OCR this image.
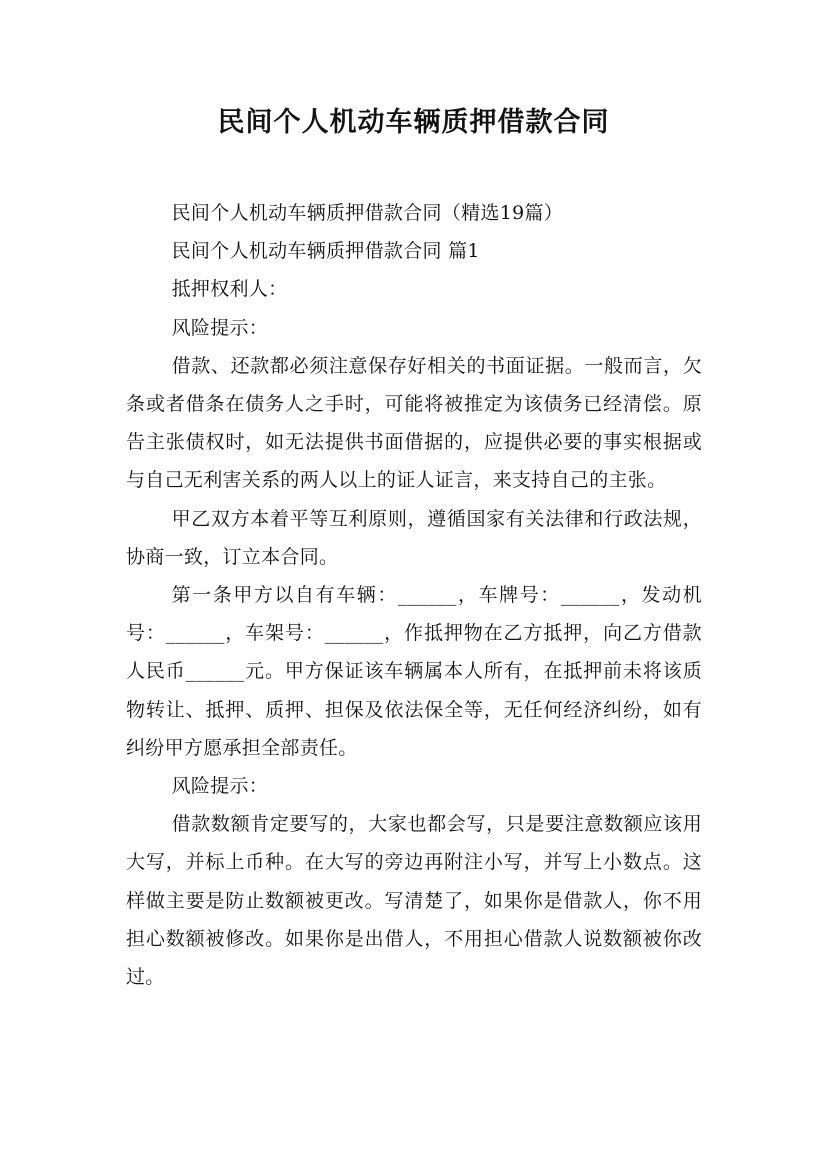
民间个人机动车辆质押借款合同

民间个人机动车辆质押借款合同（精选19篇）

民间个人机动车辆质押借款合同 篇1

抵押权利人：

风险提示：

借款、还款都必须注意保存好相关的书面证据。一般而言，欠条或者借条在债务人之手时，可能将被推定为该债务已经清偿。原告主张债权时，如无法提供书面借据的，应提供必要的事实根据或与自己无利害关系的两人以上的证人证言，来支持自己的主张。

甲乙双方本着平等互利原则，遵循国家有关法律和行政法规，协商一致，订立本合同。

第一条甲方以自有车辆：______，车牌号：______，发动机号：______，车架号：______，作抵押物在乙方抵押，向乙方借款人民币______元。甲方保证该车辆属本人所有，在抵押前未将该质物转让、抵押、质押、担保及依法保全等，无任何经济纠纷，如有纠纷甲方愿承担全部责任。

风险提示：

借款数额肯定要写的，大家也都会写，只是要注意数额应该用大写，并标上币种。在大写的旁边再附注小写，并写上小数点。这样做主要是防止数额被更改。写清楚了，如果你是借款人，你不用担心数额被修改。如果你是出借人，不用担心借款人说数额被你改过。
